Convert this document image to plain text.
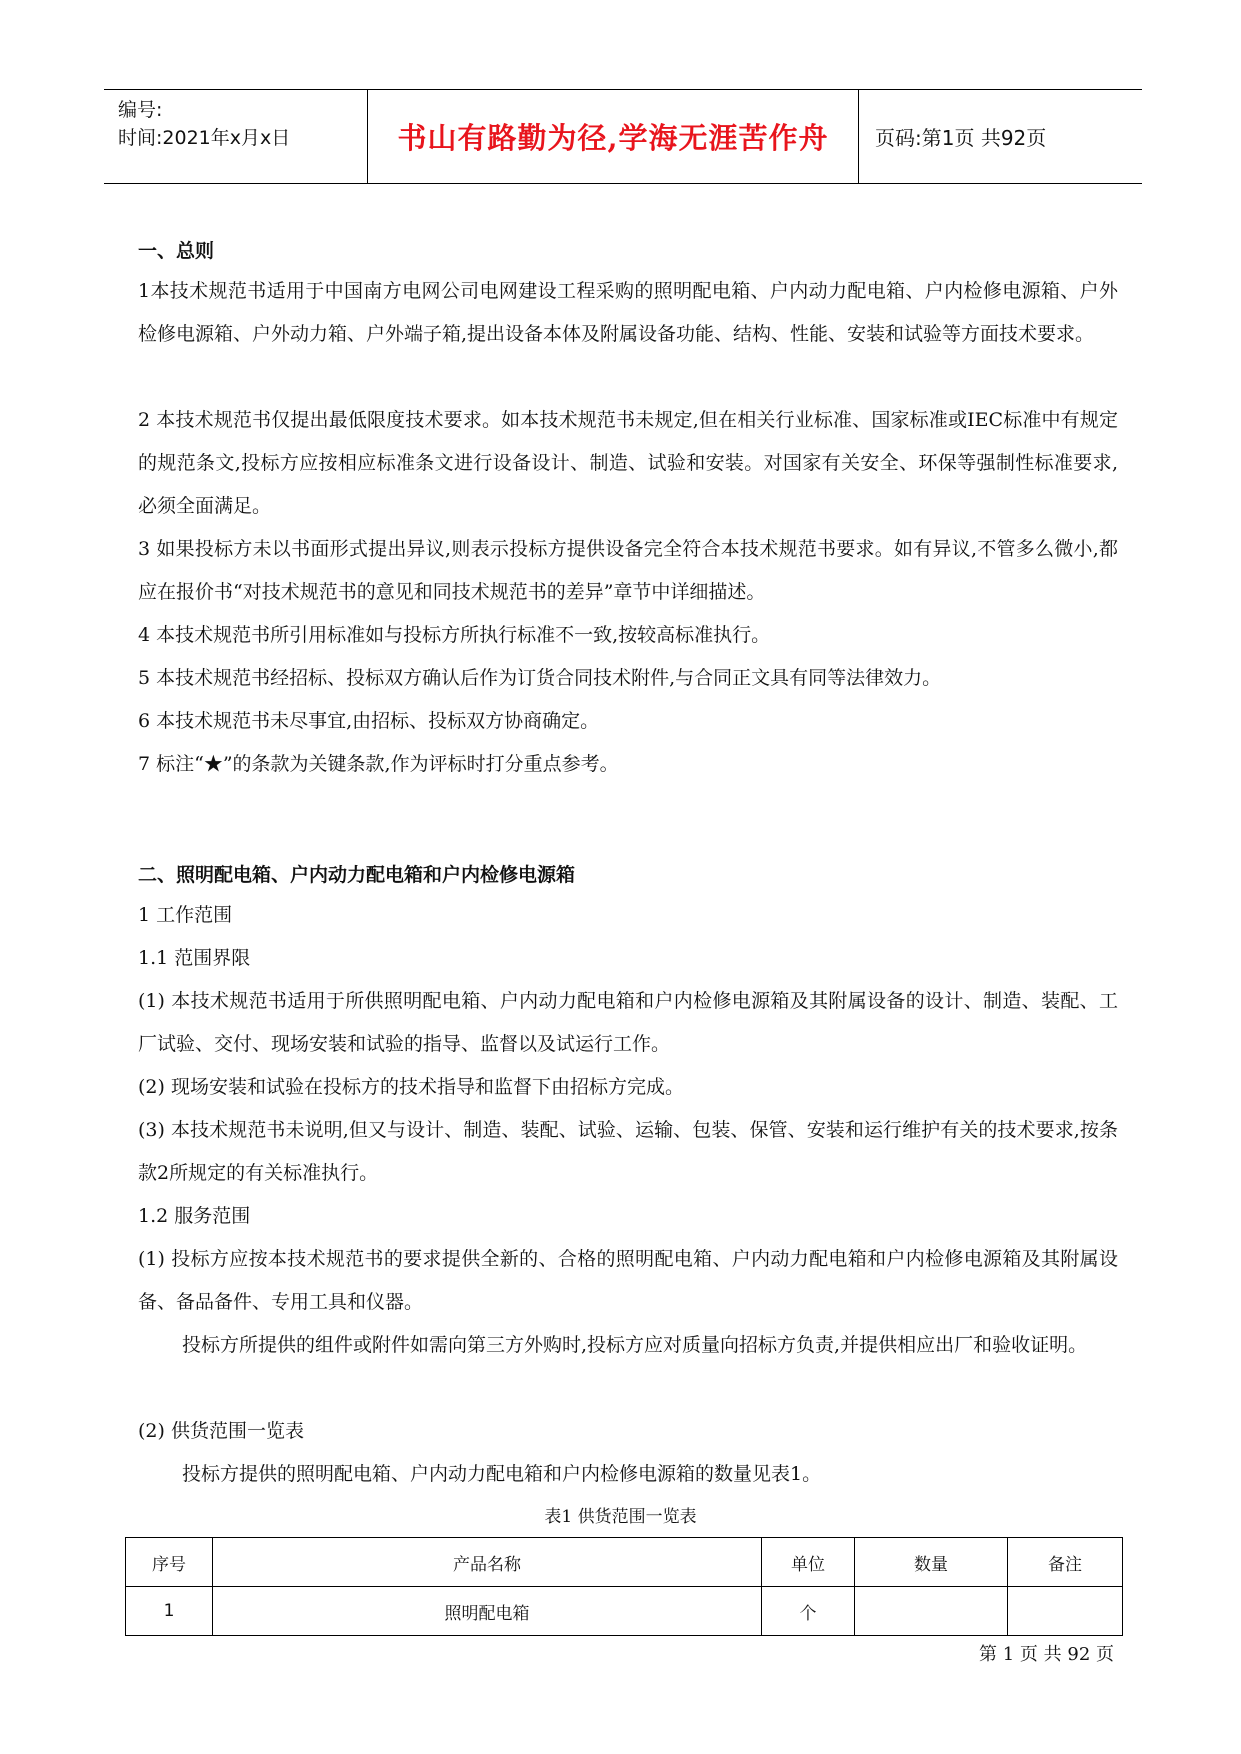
编号:
时间:2021年x月x日	书山有路勤为径,学海无涯苦作舟	页码:第1页 共92页
一、总则
1本技术规范书适用于中国南方电网公司电网建设工程采购的照明配电箱、户内动力配电箱、户内检修电源箱、户外检修电源箱、户外动力箱、户外端子箱,提出设备本体及附属设备功能、结构、性能、安装和试验等方面技术要求。
2 本技术规范书仅提出最低限度技术要求。如本技术规范书未规定,但在相关行业标准、国家标准或IEC标准中有规定的规范条文,投标方应按相应标准条文进行设备设计、制造、试验和安装。对国家有关安全、环保等强制性标准要求,必须全面满足。
3 如果投标方未以书面形式提出异议,则表示投标方提供设备完全符合本技术规范书要求。如有异议,不管多么微小,都应在报价书“对技术规范书的意见和同技术规范书的差异”章节中详细描述。
4 本技术规范书所引用标准如与投标方所执行标准不一致,按较高标准执行。
5 本技术规范书经招标、投标双方确认后作为订货合同技术附件,与合同正文具有同等法律效力。
6 本技术规范书未尽事宜,由招标、投标双方协商确定。
7 标注“★”的条款为关键条款,作为评标时打分重点参考。
二、照明配电箱、户内动力配电箱和户内检修电源箱
1 工作范围
1.1 范围界限
(1) 本技术规范书适用于所供照明配电箱、户内动力配电箱和户内检修电源箱及其附属设备的设计、制造、装配、工厂试验、交付、现场安装和试验的指导、监督以及试运行工作。
(2) 现场安装和试验在投标方的技术指导和监督下由招标方完成。
(3) 本技术规范书未说明,但又与设计、制造、装配、试验、运输、包装、保管、安装和运行维护有关的技术要求,按条款2所规定的有关标准执行。
1.2 服务范围
(1) 投标方应按本技术规范书的要求提供全新的、合格的照明配电箱、户内动力配电箱和户内检修电源箱及其附属设备、备品备件、专用工具和仪器。
投标方所提供的组件或附件如需向第三方外购时,投标方应对质量向招标方负责,并提供相应出厂和验收证明。
(2) 供货范围一览表
投标方提供的照明配电箱、户内动力配电箱和户内检修电源箱的数量见表1。
表1 供货范围一览表
序号	产品名称	单位	数量	备注
1	照明配电箱	个		
第 1 页 共 92 页
